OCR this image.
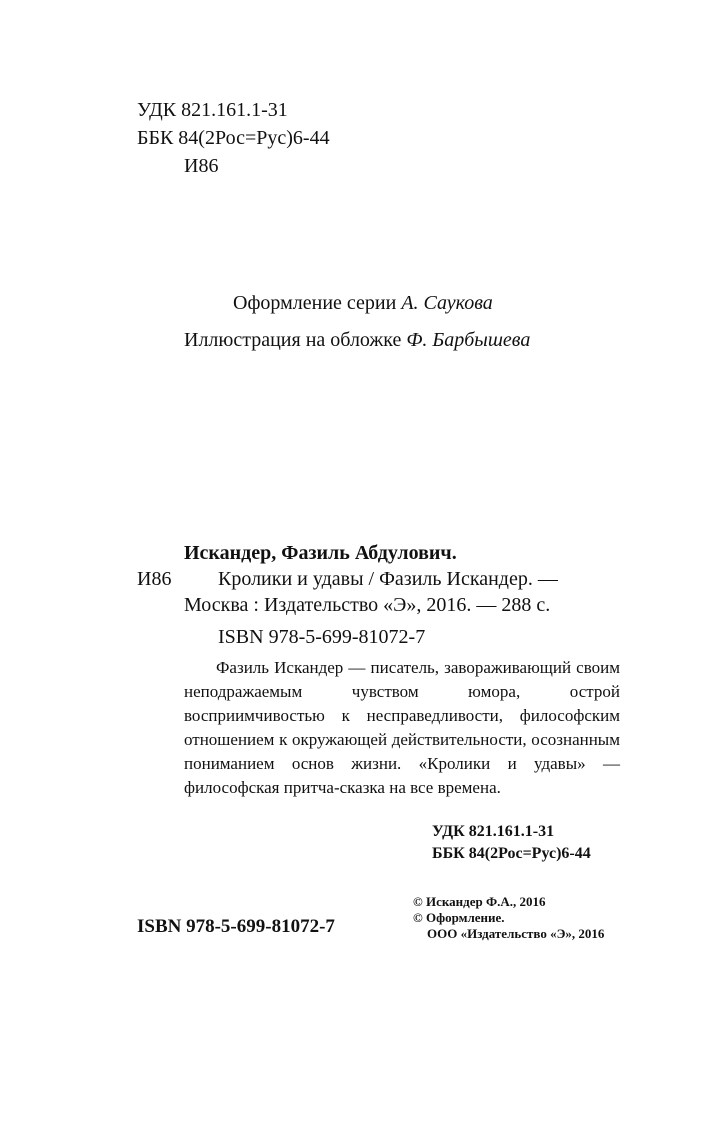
УДК 821.161.1-31
ББК 84(2Рос=Рус)6-44
И86
Оформление серии А. Саукова
Иллюстрация на обложке Ф. Барбышева
Искандер, Фазиль Абдулович.
И86 Кролики и удавы / Фазиль Искандер. —
Москва : Издательство «Э», 2016. — 288 с.
ISBN 978-5-699-81072-7
Фазиль Искандер — писатель, завораживающий своим неподражаемым чувством юмора, острой восприимчивостью к несправедливости, философским отношением к окружающей действительности, осознанным пониманием основ жизни. «Кролики и удавы» — философская притча-сказка на все времена.
УДК 821.161.1-31
ББК 84(2Рос=Рус)6-44
ISBN 978-5-699-81072-7
© Искандер Ф.А., 2016
© Оформление.
ООО «Издательство «Э», 2016
